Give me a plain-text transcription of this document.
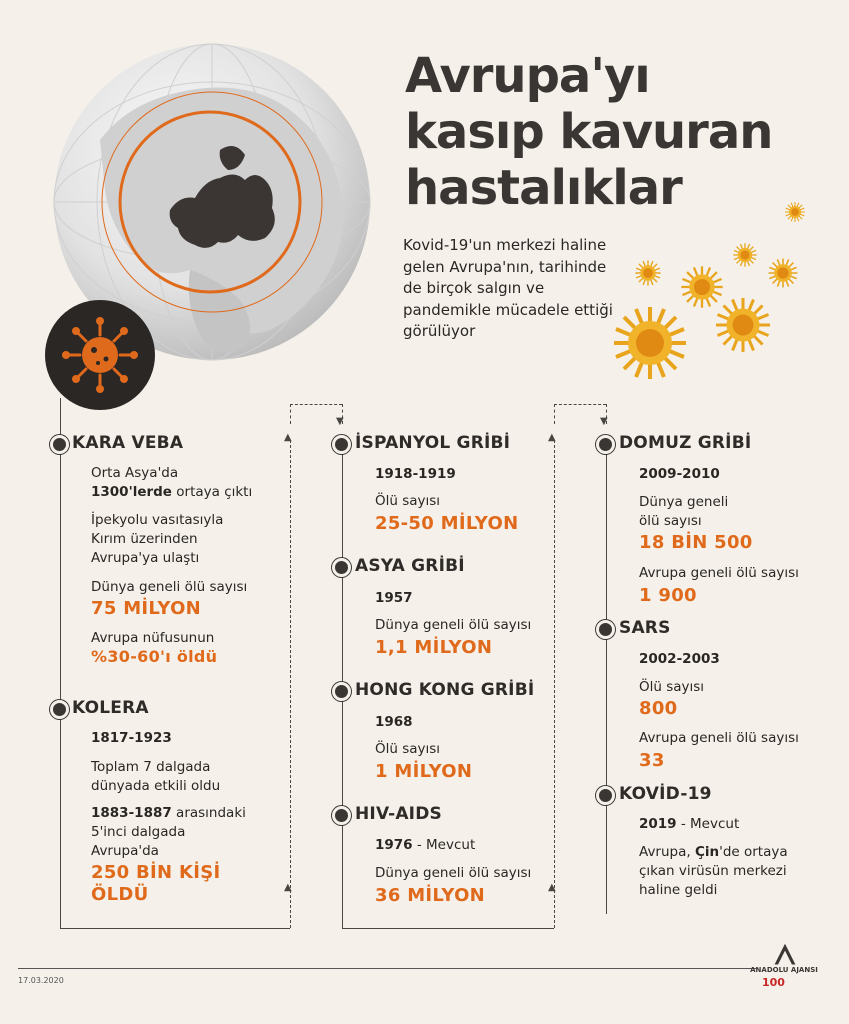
Avrupa'yı
kasıp kavuran
hastalıklar
Kovid-19'un merkezi haline gelen Avrupa'nın, tarihinde de birçok salgın ve pandemikle mücadele ettiği görülüyor
▲
▲
▼
▲
▲
▼
KARA VEBA
Orta Asya'da
1300'lerde ortaya çıktı
İpekyolu vasıtasıyla Kırım üzerinden Avrupa'ya ulaştı
Dünya geneli ölü sayısı
75 MİLYON
Avrupa nüfusunun
%30-60'ı öldü
KOLERA
1817-1923
Toplam 7 dalgada dünyada etkili oldu
1883-1887 arasındaki 5'inci dalgada Avrupa'da
250 BİN KİŞİ ÖLDÜ
İSPANYOL GRİBİ
1918-1919
Ölü sayısı
25-50 MİLYON
ASYA GRİBİ
1957
Dünya geneli ölü sayısı
1,1 MİLYON
HONG KONG GRİBİ
1968
Ölü sayısı
1 MİLYON
HIV-AIDS
1976 - Mevcut
Dünya geneli ölü sayısı
36 MİLYON
DOMUZ GRİBİ
2009-2010
Dünya geneli ölü sayısı
18 BİN 500
Avrupa geneli ölü sayısı
1 900
SARS
2002-2003
Ölü sayısı
800
Avrupa geneli ölü sayısı
33
KOVİD-19
2019 - Mevcut
Avrupa, Çin'de ortaya çıkan virüsün merkezi haline geldi
17.03.2020
ANADOLU AJANSI
100
